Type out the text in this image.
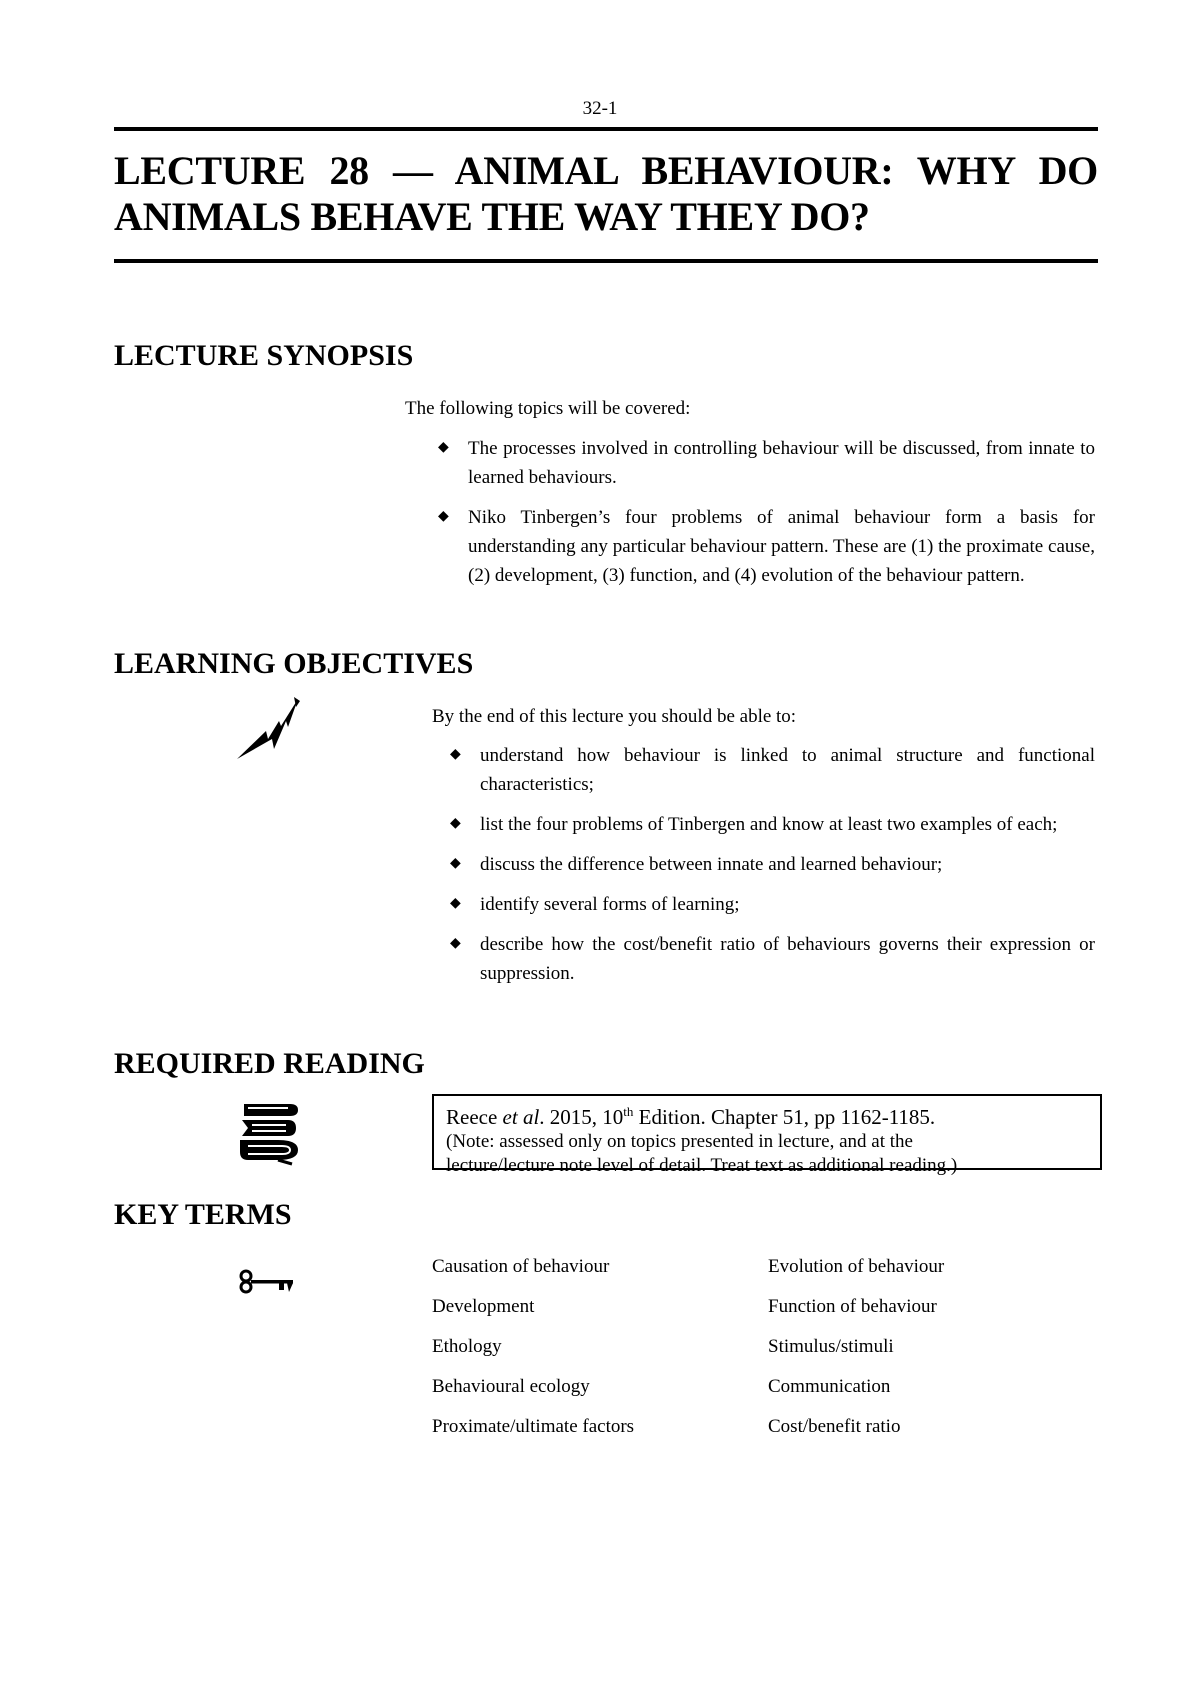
32-1
LECTURE 28 — ANIMAL BEHAVIOUR: WHY DO
ANIMALS BEHAVE THE WAY THEY DO?
LECTURE SYNOPSIS
The following topics will be covered:
◆ The processes involved in controlling behaviour will be discussed, from innate to learned behaviours.
◆ Niko Tinbergen’s four problems of animal behaviour form a basis for understanding any particular behaviour pattern. These are (1) the proximate cause, (2) development, (3) function, and (4) evolution of the behaviour pattern.
LEARNING OBJECTIVES
By the end of this lecture you should be able to:
◆ understand how behaviour is linked to animal structure and functional characteristics;
◆ list the four problems of Tinbergen and know at least two examples of each;
◆ discuss the difference between innate and learned behaviour;
◆ identify several forms of learning;
◆ describe how the cost/benefit ratio of behaviours governs their expression or suppression.
REQUIRED READING
Reece et al. 2015, 10th Edition. Chapter 51, pp 1162-1185.
(Note: assessed only on topics presented in lecture, and at the
lecture/lecture note level of detail. Treat text as additional reading.)
KEY TERMS
Causation of behaviour	Evolution of behaviour
Development	Function of behaviour
Ethology	Stimulus/stimuli
Behavioural ecology	Communication
Proximate/ultimate factors	Cost/benefit ratio
